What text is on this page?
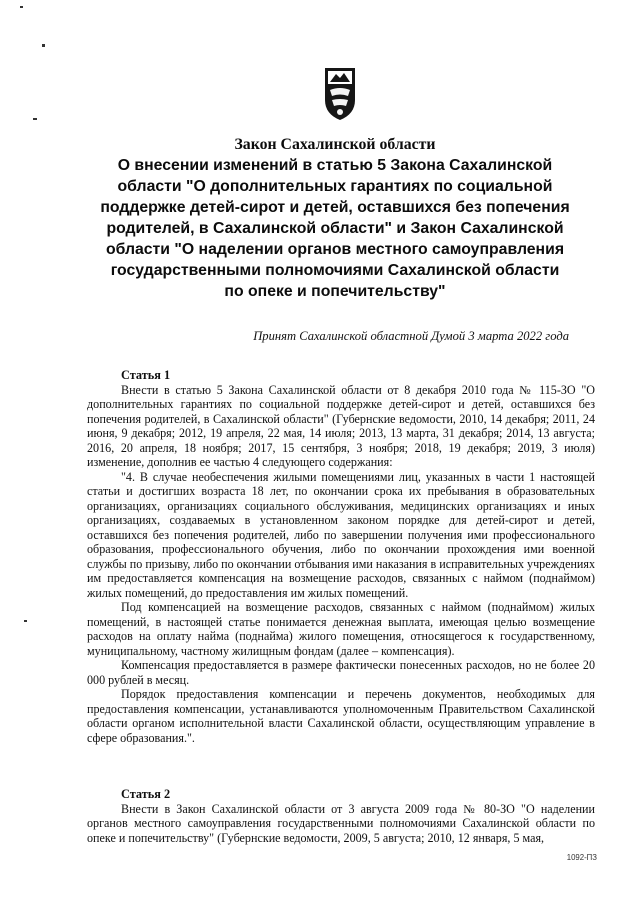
Закон Сахалинской области
О внесении изменений в статью 5 Закона Сахалинской области "О дополнительных гарантиях по социальной поддержке детей-сирот и детей, оставшихся без попечения родителей, в Сахалинской области" и Закон Сахалинской области "О наделении органов местного самоуправления государственными полномочиями Сахалинской области по опеке и попечительству"
Принят Сахалинской областной Думой 3 марта 2022 года
Статья 1

Внести в статью 5 Закона Сахалинской области от 8 декабря 2010 года № 115-ЗО "О дополнительных гарантиях по социальной поддержке детей-сирот и детей, оставшихся без попечения родителей, в Сахалинской области" (Губернские ведомости, 2010, 14 декабря; 2011, 24 июня, 9 декабря; 2012, 19 апреля, 22 мая, 14 июля; 2013, 13 марта, 31 декабря; 2014, 13 августа; 2016, 20 апреля, 18 ноября; 2017, 15 сентября, 3 ноября; 2018, 19 декабря; 2019, 3 июля) изменение, дополнив ее частью 4 следующего содержания:

"4. В случае необеспечения жилыми помещениями лиц, указанных в части 1 настоящей статьи и достигших возраста 18 лет, по окончании срока их пребывания в образовательных организациях, организациях социального обслуживания, медицинских организациях и иных организациях, создаваемых в установленном законом порядке для детей-сирот и детей, оставшихся без попечения родителей, либо по завершении получения ими профессионального образования, профессионального обучения, либо по окончании прохождения ими военной службы по призыву, либо по окончании отбывания ими наказания в исправительных учреждениях им предоставляется компенсация на возмещение расходов, связанных с наймом (поднаймом) жилых помещений, до предоставления им жилых помещений.

Под компенсацией на возмещение расходов, связанных с наймом (поднаймом) жилых помещений, в настоящей статье понимается денежная выплата, имеющая целью возмещение расходов на оплату найма (поднайма) жилого помещения, относящегося к государственному, муниципальному, частному жилищным фондам (далее – компенсация).

Компенсация предоставляется в размере фактически понесенных расходов, но не более 20 000 рублей в месяц.

Порядок предоставления компенсации и перечень документов, необходимых для предоставления компенсации, устанавливаются уполномоченным Правительством Сахалинской области органом исполнительной власти Сахалинской области, осуществляющим управление в сфере образования.".

Статья 2

Внести в Закон Сахалинской области от 3 августа 2009 года № 80-ЗО "О наделении органов местного самоуправления государственными полномочиями Сахалинской области по опеке и попечительству" (Губернские ведомости, 2009, 5 августа; 2010, 12 января, 5 мая,

1092-ПЗ
